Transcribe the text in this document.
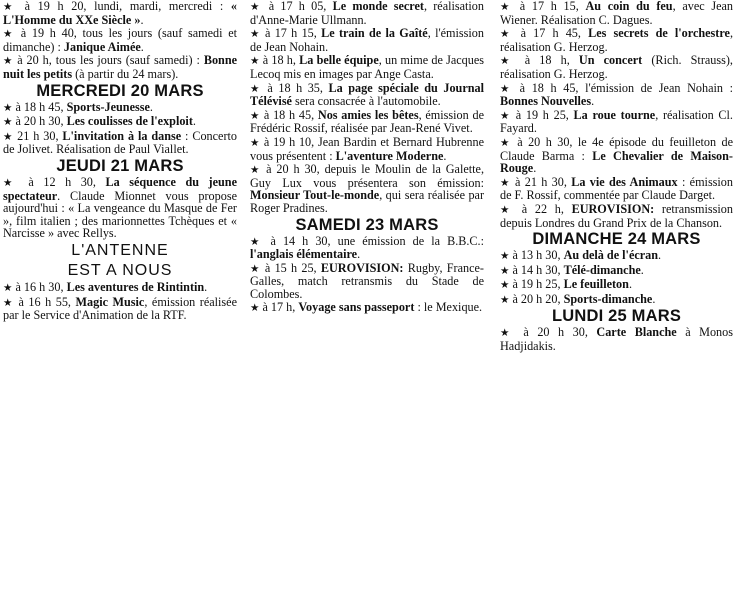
★ à 19 h 20, lundi, mardi, mercredi : « L'Homme du XXe Siècle ».

★ à 19 h 40, tous les jours (sauf samedi et dimanche) : Janique Aimée.

★ à 20 h, tous les jours (sauf samedi) : Bonne nuit les petits (à partir du 24 mars).

MERCREDI 20 MARS

★ à 18 h 45, Sports-Jeunesse.

★ à 20 h 30, Les coulisses de l'exploit.

★ 21 h 30, L'invitation à la danse : Concerto de Jolivet. Réalisation de Paul Viallet.

JEUDI 21 MARS

★ à 12 h 30, La séquence du jeune spectateur. Claude Mionnet vous propose aujourd'hui : « La vengeance du Masque de Fer », film italien ; des marionnettes Tchèques et « Narcisse » avec Rellys.

L'ANTENNE
EST A NOUS

★ à 16 h 30, Les aventures de Rintintin.

★ à 16 h 55, Magic Music, émission réalisée par le Service d'Animation de la RTF.

★ à 17 h 05, Le monde secret, réalisation d'Anne-Marie Ullmann.

★ à 17 h 15, Le train de la Gaîté, l'émission de Jean Nohain.

★ à 18 h, La belle équipe, un mime de Jacques Lecoq mis en images par Ange Casta.

★ à 18 h 35, La page spéciale du Journal Télévisé sera consacrée à l'automobile.

★ à 18 h 45, Nos amies les bêtes, émission de Frédéric Rossif, réalisée par Jean-René Vivet.

★ à 19 h 10, Jean Bardin et Bernard Hubrenne vous présentent : L'aventure Moderne.

★ à 20 h 30, depuis le Moulin de la Galette, Guy Lux vous présentera son émission: Monsieur Tout-le-monde, qui sera réalisée par Roger Pradines.

SAMEDI 23 MARS

★ à 14 h 30, une émission de la B.B.C.: l'anglais élémentaire.

★ à 15 h 25, EUROVISION: Rugby, France-Galles, match retransmis du Stade de Colombes.

★ à 17 h, Voyage sans passeport : le Mexique.

★ à 17 h 15, Au coin du feu, avec Jean Wiener. Réalisation C. Dagues.

★ à 17 h 45, Les secrets de l'orchestre, réalisation G. Herzog.

★ à 18 h, Un concert (Rich. Strauss), réalisation G. Herzog.

★ à 18 h 45, l'émission de Jean Nohain : Bonnes Nouvelles.

★ à 19 h 25, La roue tourne, réalisation Cl. Fayard.

★ à 20 h 30, le 4e épisode du feuilleton de Claude Barma : Le Chevalier de Maison-Rouge.

★ à 21 h 30, La vie des Animaux : émission de F. Rossif, commentée par Claude Darget.

★ à 22 h, EUROVISION: retransmission depuis Londres du Grand Prix de la Chanson.

DIMANCHE 24 MARS

★ à 13 h 30, Au delà de l'écran.

★ à 14 h 30, Télé-dimanche.

★ à 19 h 25, Le feuilleton.

★ à 20 h 20, Sports-dimanche.

LUNDI 25 MARS

★ à 20 h 30, Carte Blanche à Monos Hadjidakis.
